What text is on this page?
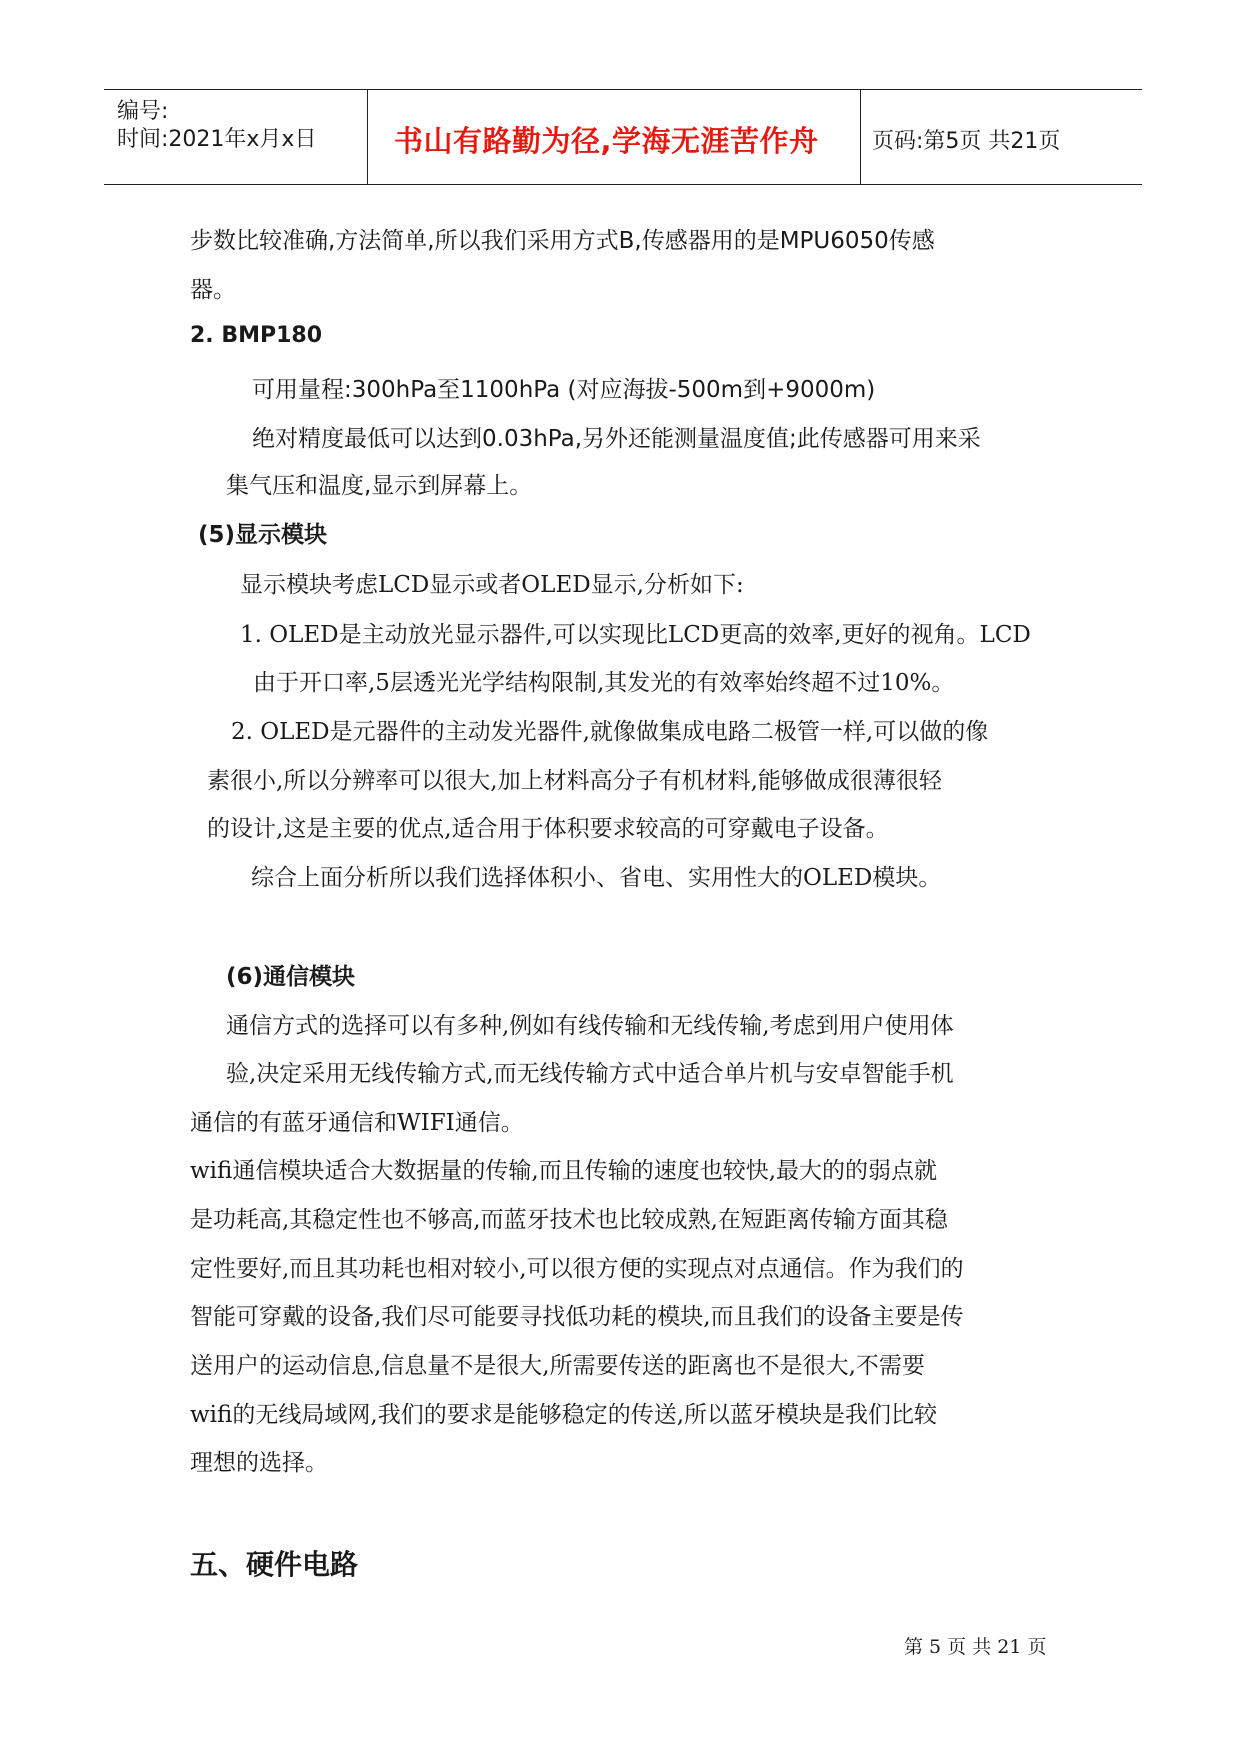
编号:
时间:2021年x月x日	书山有路勤为径,学海无涯苦作舟 页码:第5页 共21页
步数比较准确,方法简单,所以我们采用方式B,传感器用的是MPU6050传感
器。
2. BMP180
可用量程:300hPa至1100hPa (对应海拔-500m到+9000m)
绝对精度最低可以达到0.03hPa,另外还能测量温度值;此传感器可用来采
集气压和温度,显示到屏幕上。
(5)显示模块
显示模块考虑LCD显示或者OLED显示,分析如下:
1. OLED是主动放光显示器件,可以实现比LCD更高的效率,更好的视角。LCD
由于开口率,5层透光光学结构限制,其发光的有效率始终超不过10%。
2. OLED是元器件的主动发光器件,就像做集成电路二极管一样,可以做的像
素很小,所以分辨率可以很大,加上材料高分子有机材料,能够做成很薄很轻
的设计,这是主要的优点,适合用于体积要求较高的可穿戴电子设备。
综合上面分析所以我们选择体积小、省电、实用性大的OLED模块。
(6)通信模块
通信方式的选择可以有多种,例如有线传输和无线传输,考虑到用户使用体
验,决定采用无线传输方式,而无线传输方式中适合单片机与安卓智能手机
通信的有蓝牙通信和WIFI通信。
wifi通信模块适合大数据量的传输,而且传输的速度也较快,最大的的弱点就
是功耗高,其稳定性也不够高,而蓝牙技术也比较成熟,在短距离传输方面其稳
定性要好,而且其功耗也相对较小,可以很方便的实现点对点通信。作为我们的
智能可穿戴的设备,我们尽可能要寻找低功耗的模块,而且我们的设备主要是传
送用户的运动信息,信息量不是很大,所需要传送的距离也不是很大,不需要
wifi的无线局域网,我们的要求是能够稳定的传送,所以蓝牙模块是我们比较
理想的选择。
五、硬件电路
第 5 页 共 21 页
